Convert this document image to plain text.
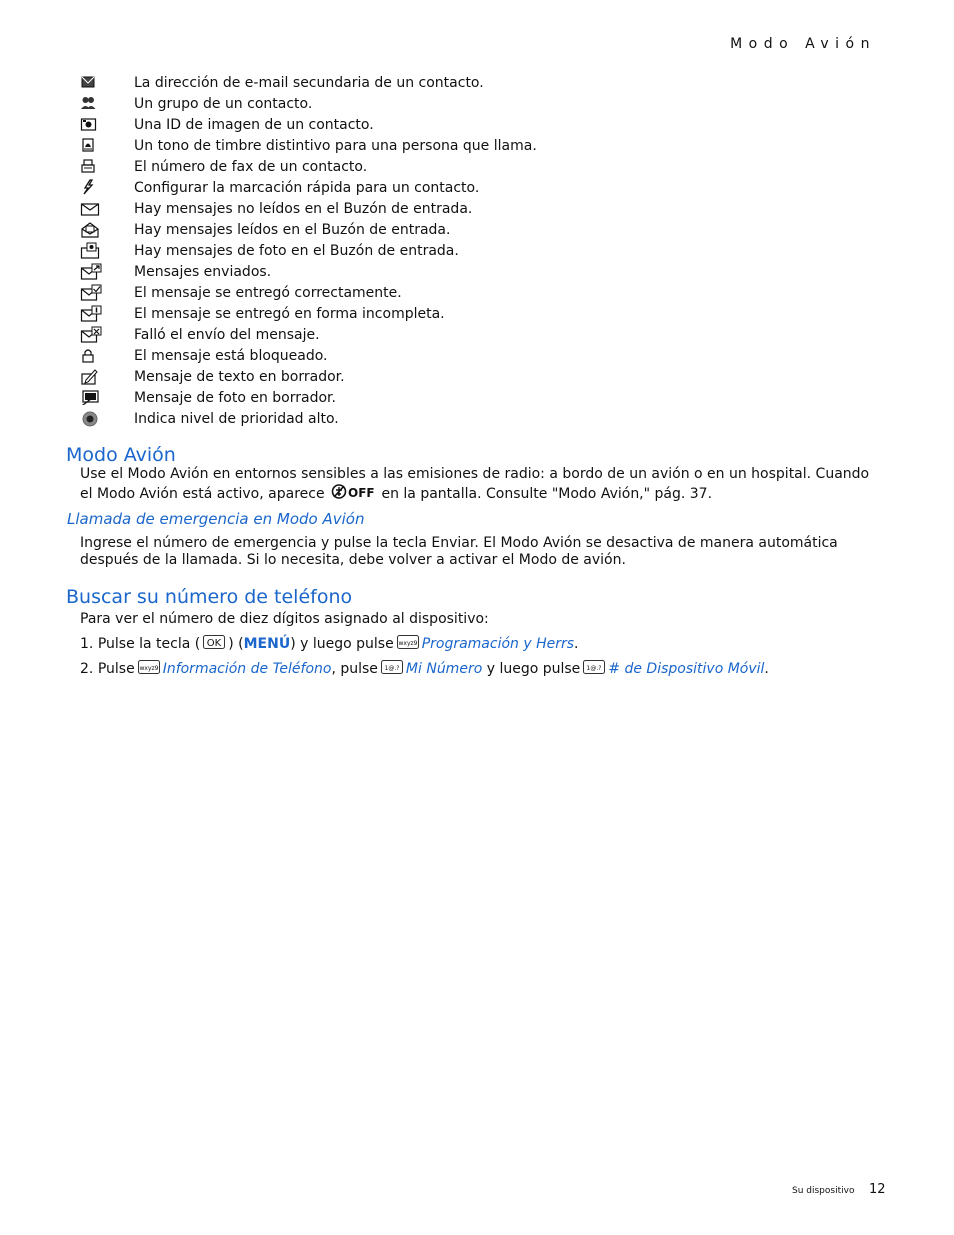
Modo Avión
La dirección de e-mail secundaria de un contacto.
Un grupo de un contacto.
Una ID de imagen de un contacto.
Un tono de timbre distintivo para una persona que llama.
El número de fax de un contacto.
Configurar la marcación rápida para un contacto.
Hay mensajes no leídos en el Buzón de entrada.
Hay mensajes leídos en el Buzón de entrada.
Hay mensajes de foto en el Buzón de entrada.
Mensajes enviados.
El mensaje se entregó correctamente.
El mensaje se entregó en forma incompleta.
Falló el envío del mensaje.
El mensaje está bloqueado.
Mensaje de texto en borrador.
Mensaje de foto en borrador.
Indica nivel de prioridad alto.
Modo Avión

Use el Modo Avión en entornos sensibles a las emisiones de radio: a bordo de un avión o en un hospital. Cuando el Modo Avión está activo, aparece OFF en la pantalla. Consulte "Modo Avión," pág. 37.

Llamada de emergencia en Modo Avión

Ingrese el número de emergencia y pulse la tecla Enviar. El Modo Avión se desactiva de manera automática después de la llamada. Si lo necesita, debe volver a activar el Modo de avión.

Buscar su número de teléfono

Para ver el número de diez dígitos asignado al dispositivo:

1.
Pulse la tecla ( OK ) ( MENÚ ) y luego pulse wxyz9 Programación y Herrs .
2.
Pulse wxyz9 Información de Teléfono , pulse 1@.? Mi Número
y luego pulse 1@.? # de Dispositivo Móvil .
Su dispositivo 12
